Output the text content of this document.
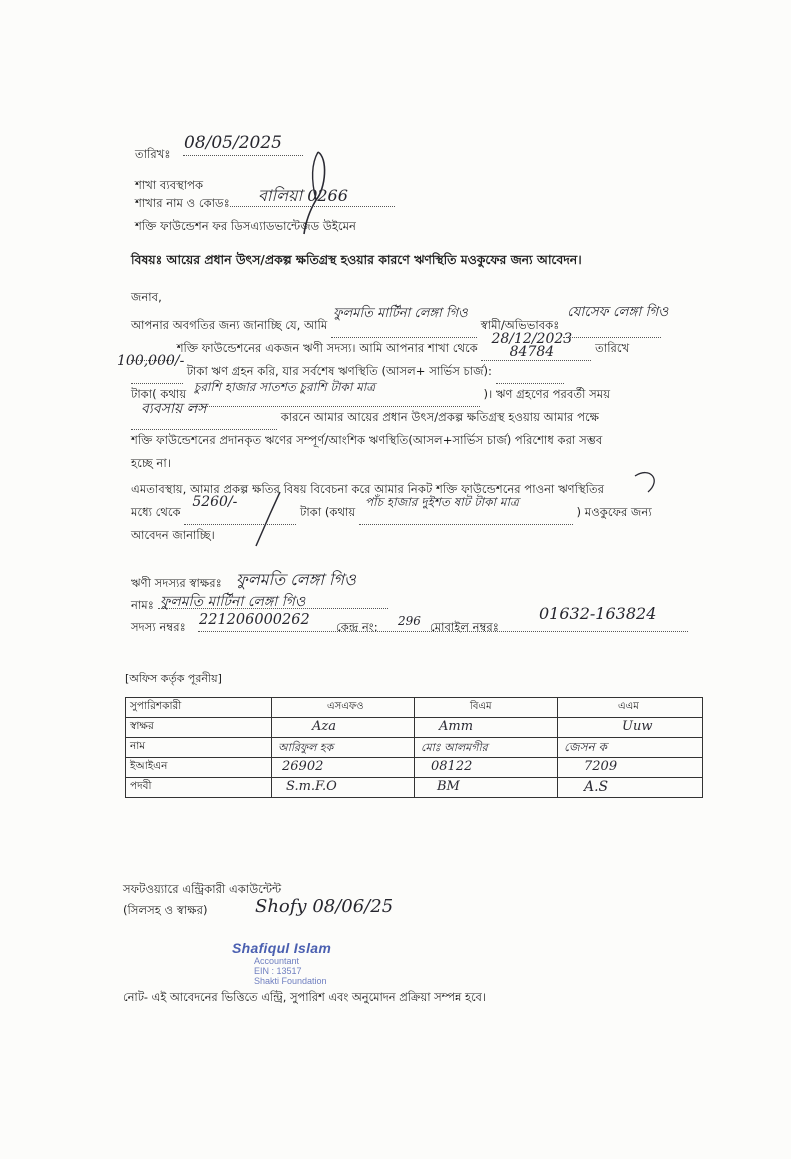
তারিখঃ
08/05/2025
শাখা ব্যবস্থাপক
শাখার নাম ও কোডঃ বালিয়া 0266
শক্তি ফাউন্ডেশন ফর ডিসএ্যাডভান্টেজড উইমেন
বিষয়ঃ আয়ের প্রধান উৎস/প্রকল্প ক্ষতিগ্রস্থ হওয়ার কারণে ঋণস্থিতি মওকুফের জন্য আবেদন।
জনাব,
আপনার অবগতির জন্য জানাচ্ছি যে, আমি
ফুলমতি মার্টিনা লেঙ্গা গিও
স্বামী/অভিভাবকঃ
যোসেফ লেঙ্গা গিও

শক্তি ফাউন্ডেশনের একজন ঋণী সদস্য। আমি আপনার শাখা থেকে
28/12/2023
তারিখে
100,000/-
টাকা ঋণ গ্রহন করি, যার সর্বশেষ ঋণস্থিতি (আসল+ সার্ভিস চার্জ):
84784

টাকা( কথায় চুরাশি হাজার সাতশত চুরাশি টাকা মাত্র	)। ঋণ গ্রহণের পরবর্তী সময়
ব্যবসায় লস	কারনে আমার আয়ের প্রধান উৎস/প্রকল্প ক্ষতিগ্রস্থ হওয়ায় আমার পক্ষে
শক্তি ফাউন্ডেশনের প্রদানকৃত ঋণের সম্পূর্ণ/আংশিক ঋণস্থিতি(আসল+সার্ভিস চার্জ) পরিশোধ করা সম্ভব
হচ্ছে না।
এমতাবস্থায়, আমার প্রকল্প ক্ষতির বিষয় বিবেচনা করে আমার নিকট শক্তি ফাউন্ডেশনের পাওনা ঋণস্থিতির
মধ্যে থেকে
5260/-
টাকা (কথায়
পাঁচ হাজার দুইশত ষাট টাকা মাত্র
) মওকুফের জন্য
আবেদন জানাচ্ছি।
ঋণী সদস্যর স্বাক্ষরঃ ফুলমতি লেঙ্গা গিও
নামঃ ফুলমতি মার্টিনা লেঙ্গা গিও
সদস্য নম্বরঃ 221206000262 কেন্দ্র নং: 296 মোবাইল নম্বরঃ
01632-163824
[অফিস কর্তৃক পূরনীয়]
সুপারিশকারী	এসএফও	বিএম	এএম
স্বাক্ষর	Aza	Amm	Uuw

নাম	আরিফুল হক	মোঃ আলমগীর	জেসন ক

ইআইএন	26902	08122	7209

পদবী	S.m.F.O	BM	A.S
সফটওয়্যারে এন্ট্রিকারী একাউন্টেন্ট
(সিলসহ ও স্বাক্ষর)	Shofy 08/06/25
Shafiqul Islam
Accountant
EIN : 13517
Shakti Foundation
নোট- এই আবেদনের ভিত্তিতে এন্ট্রি, সুপারিশ এবং অনুমোদন প্রক্রিয়া সম্পন্ন হবে।
